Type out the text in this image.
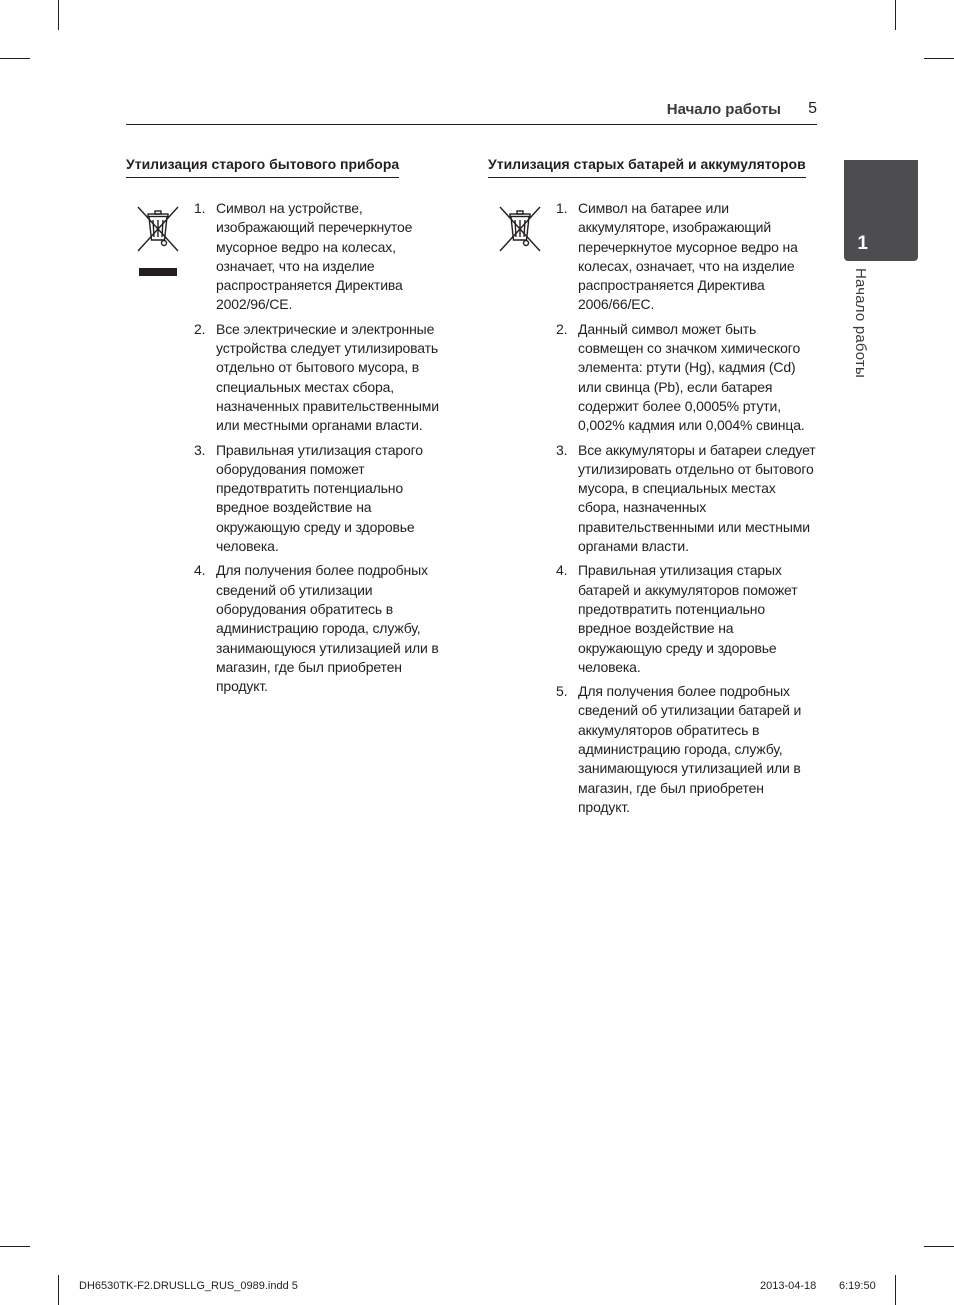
Начало работы 5
1
Начало работы
Утилизация старого бытового прибора
1. Символ на устройстве, изображающий перечеркнутое мусорное ведро на колесах, означает, что на изделие распространяется Директива 2002/96/CE.
2. Все электрические и электронные устройства следует утилизировать отдельно от бытового мусора, в специальных местах сбора, назначенных правительственными или местными органами власти.
3. Правильная утилизация старого оборудования поможет предотвратить потенциально вредное воздействие на окружающую среду и здоровье человека.
4. Для получения более подробных сведений об утилизации оборудования обратитесь в администрацию города, службу, занимающуюся утилизацией или в магазин, где был приобретен продукт.
Утилизация старых батарей и аккумуляторов
1. Символ на батарее или аккумуляторе, изображающий перечеркнутое мусорное ведро на колесах, означает, что на изделие распространяется Директива 2006/66/EC.
2. Данный символ может быть совмещен со значком химического элемента: ртути (Hg), кадмия (Cd) или свинца (Pb), если батарея содержит более 0,0005% ртути, 0,002% кадмия или 0,004% свинца.
3. Все аккумуляторы и батареи следует утилизировать отдельно от бытового мусора, в специальных местах сбора, назначенных правительственными или местными органами власти.
4. Правильная утилизация старых батарей и аккумуляторов поможет предотвратить потенциально вредное воздействие на окружающую среду и здоровье человека.
5. Для получения более подробных сведений об утилизации батарей и аккумуляторов обратитесь в администрацию города, службу, занимающуюся утилизацией или в магазин, где был приобретен продукт.
DH6530TK-F2.DRUSLLG_RUS_0989.indd 5	2013-04-18 6:19:50
